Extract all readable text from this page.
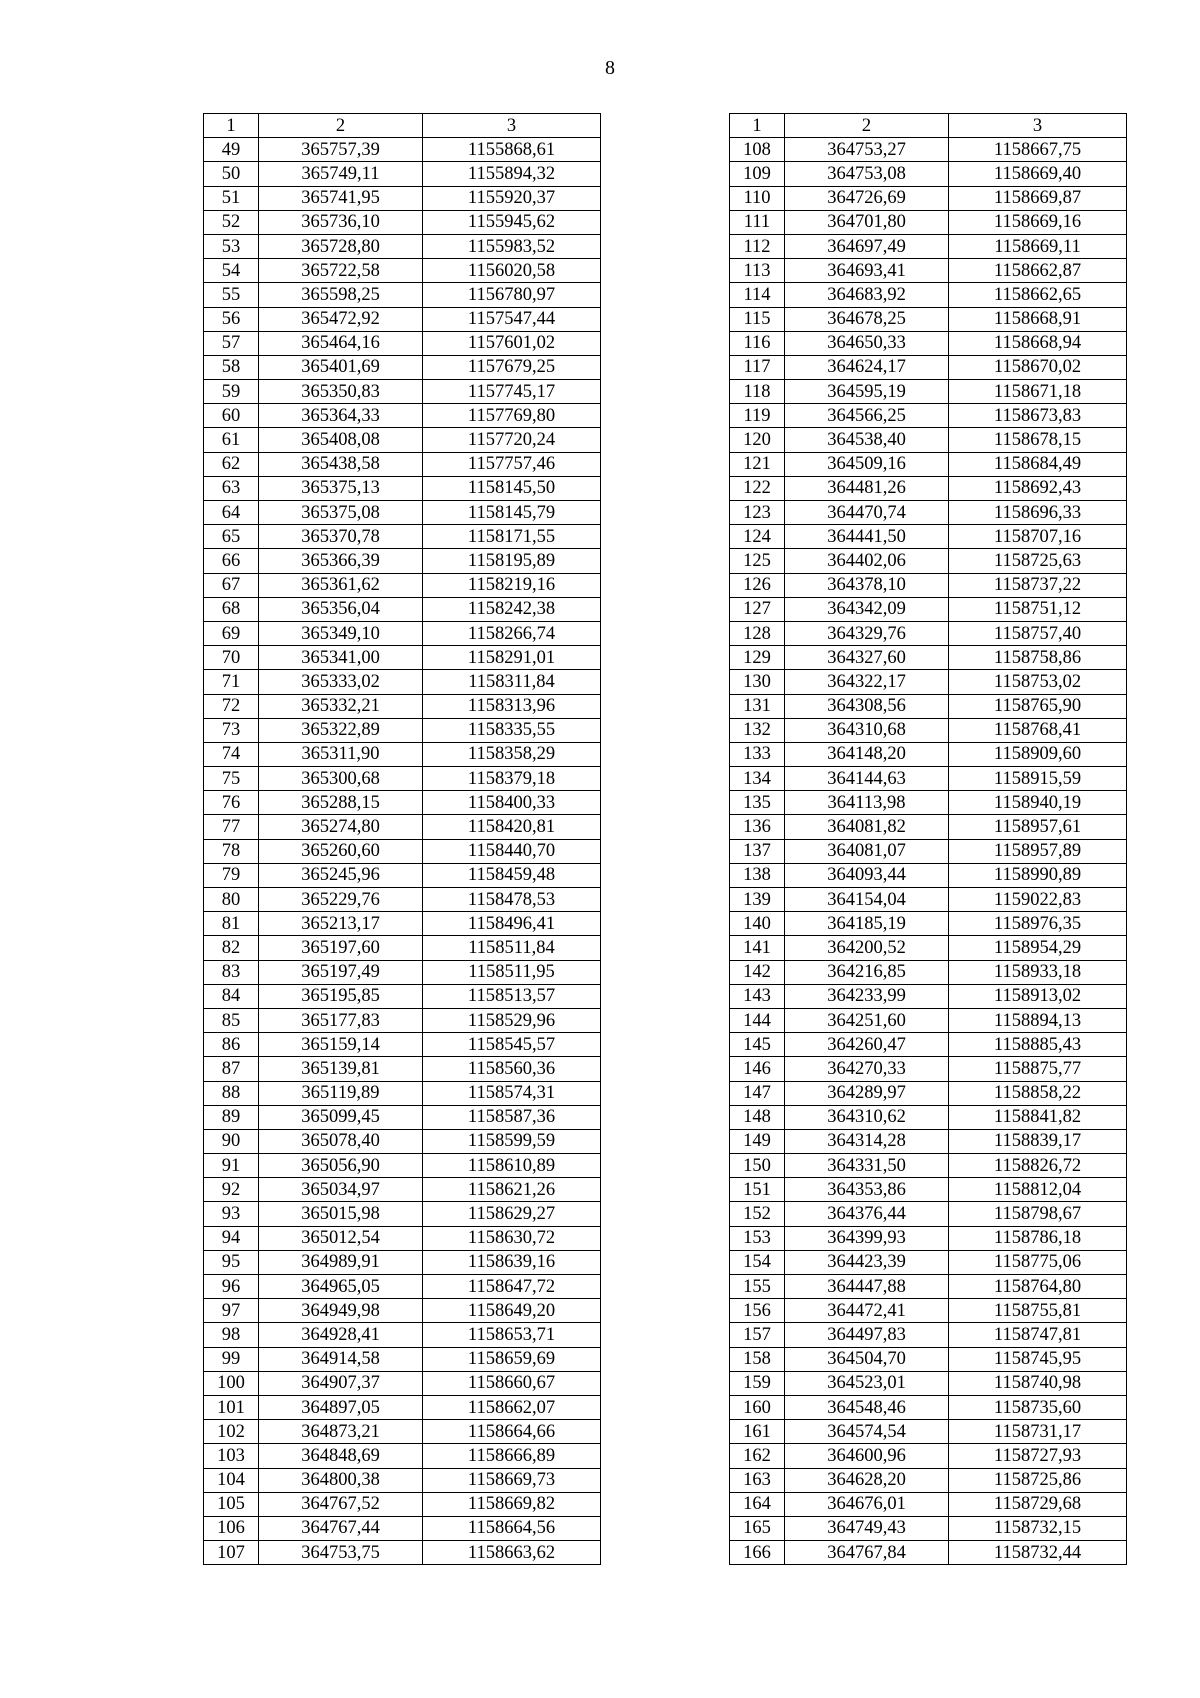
8
1	2	3
49	365757,39	1155868,61
50	365749,11	1155894,32
51	365741,95	1155920,37
52	365736,10	1155945,62
53	365728,80	1155983,52
54	365722,58	1156020,58
55	365598,25	1156780,97
56	365472,92	1157547,44
57	365464,16	1157601,02
58	365401,69	1157679,25
59	365350,83	1157745,17
60	365364,33	1157769,80
61	365408,08	1157720,24
62	365438,58	1157757,46
63	365375,13	1158145,50
64	365375,08	1158145,79
65	365370,78	1158171,55
66	365366,39	1158195,89
67	365361,62	1158219,16
68	365356,04	1158242,38
69	365349,10	1158266,74
70	365341,00	1158291,01
71	365333,02	1158311,84
72	365332,21	1158313,96
73	365322,89	1158335,55
74	365311,90	1158358,29
75	365300,68	1158379,18
76	365288,15	1158400,33
77	365274,80	1158420,81
78	365260,60	1158440,70
79	365245,96	1158459,48
80	365229,76	1158478,53
81	365213,17	1158496,41
82	365197,60	1158511,84
83	365197,49	1158511,95
84	365195,85	1158513,57
85	365177,83	1158529,96
86	365159,14	1158545,57
87	365139,81	1158560,36
88	365119,89	1158574,31
89	365099,45	1158587,36
90	365078,40	1158599,59
91	365056,90	1158610,89
92	365034,97	1158621,26
93	365015,98	1158629,27
94	365012,54	1158630,72
95	364989,91	1158639,16
96	364965,05	1158647,72
97	364949,98	1158649,20
98	364928,41	1158653,71
99	364914,58	1158659,69
100	364907,37	1158660,67
101	364897,05	1158662,07
102	364873,21	1158664,66
103	364848,69	1158666,89
104	364800,38	1158669,73
105	364767,52	1158669,82
106	364767,44	1158664,56
107	364753,75	1158663,62
1	2	3
108	364753,27	1158667,75
109	364753,08	1158669,40
110	364726,69	1158669,87
111	364701,80	1158669,16
112	364697,49	1158669,11
113	364693,41	1158662,87
114	364683,92	1158662,65
115	364678,25	1158668,91
116	364650,33	1158668,94
117	364624,17	1158670,02
118	364595,19	1158671,18
119	364566,25	1158673,83
120	364538,40	1158678,15
121	364509,16	1158684,49
122	364481,26	1158692,43
123	364470,74	1158696,33
124	364441,50	1158707,16
125	364402,06	1158725,63
126	364378,10	1158737,22
127	364342,09	1158751,12
128	364329,76	1158757,40
129	364327,60	1158758,86
130	364322,17	1158753,02
131	364308,56	1158765,90
132	364310,68	1158768,41
133	364148,20	1158909,60
134	364144,63	1158915,59
135	364113,98	1158940,19
136	364081,82	1158957,61
137	364081,07	1158957,89
138	364093,44	1158990,89
139	364154,04	1159022,83
140	364185,19	1158976,35
141	364200,52	1158954,29
142	364216,85	1158933,18
143	364233,99	1158913,02
144	364251,60	1158894,13
145	364260,47	1158885,43
146	364270,33	1158875,77
147	364289,97	1158858,22
148	364310,62	1158841,82
149	364314,28	1158839,17
150	364331,50	1158826,72
151	364353,86	1158812,04
152	364376,44	1158798,67
153	364399,93	1158786,18
154	364423,39	1158775,06
155	364447,88	1158764,80
156	364472,41	1158755,81
157	364497,83	1158747,81
158	364504,70	1158745,95
159	364523,01	1158740,98
160	364548,46	1158735,60
161	364574,54	1158731,17
162	364600,96	1158727,93
163	364628,20	1158725,86
164	364676,01	1158729,68
165	364749,43	1158732,15
166	364767,84	1158732,44
